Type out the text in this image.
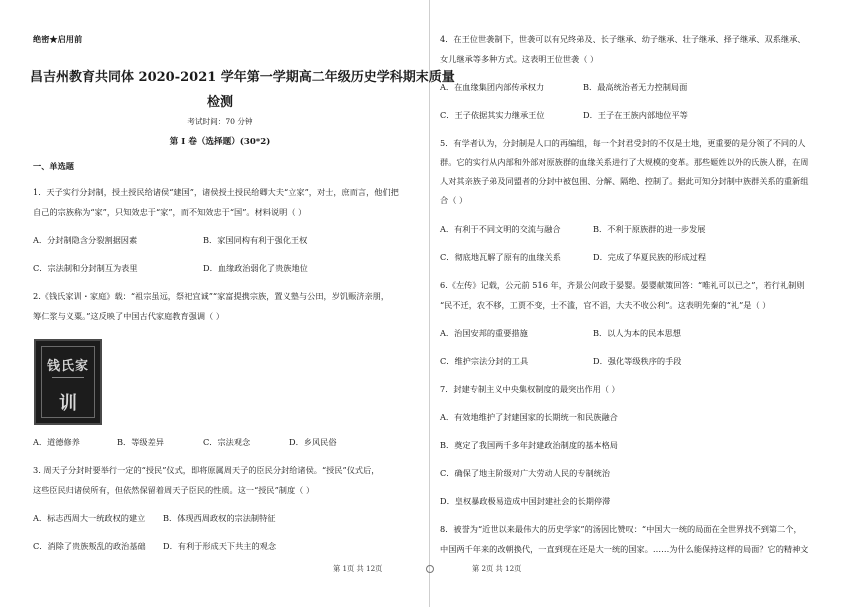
绝密★启用前
昌吉州教育共同体 2020-2021 学年第一学期高二年级历史学科期末质量
检测
考试时间：70 分钟
第 I 卷（选择题）(30*2)
一、单选题
1．天子实行分封制，授土授民给诸侯“建国”，诸侯授土授民给卿大夫“立家”，对士，庶而言，他们把
自己的宗族称为“家”，只知效忠于“家”，而不知效忠于“国”。材料说明（ ）
A．分封制隐含分裂割据因素	B．家国同构有利于强化王权
C．宗法制和分封制互为表里	D．血缘政治弱化了贵族地位
2.《钱氏家训・家庭》载：“祖宗虽远，祭祀宜诚”“家富提携宗族，置义塾与公田，岁饥赈济亲朋，
筹仁浆与义粟。”这反映了中国古代家庭教育强调（ ）
钱氏家
训
A．道德修养	B．等级差异	C．宗法观念	D．乡风民俗
3. 周天子分封时要举行一定的“授民”仪式，即将原属周天子的臣民分封给诸侯。“授民”仪式后，
这些臣民归诸侯所有，但依然保留着周天子臣民的性质。这一“授民”制度（ ）
A．标志西周大一统政权的建立 B．体现西周政权的宗法制特征
C．消除了贵族叛乱的政治基础 D．有利于形成天下共主的观念
第 1页 共 12页
4．在王位世袭制下，世袭可以有兄终弟及、长子继承、幼子继承、壮子继承、择子继承、双系继承、
女儿继承等多种方式。这表明王位世袭（ ）
A．在血缘集团内部传承权力	B．最高统治者无力控制局面
C．王子依据其实力继承王位	D．王子在王族内部地位平等
5．有学者认为，分封制是人口的再编组，每一个封君受封的不仅是土地，更重要的是分领了不同的人
群。它的实行从内部和外部对原族群的血缘关系进行了大规模的变革。那些姬姓以外的氏族人群，在周
人对其亲族子弟及同盟者的分封中被包围、分解、隔绝、控制了。据此可知分封制中族群关系的重新组
合（ ）
A．有利于不同文明的交流与融合	B．不利于原族群的进一步发展
C．彻底地瓦解了原有的血缘关系	D．完成了华夏民族的形成过程
6.《左传》记载，公元前 516 年，齐景公问政于晏婴。晏婴献策回答：“唯礼可以已之”，若行礼制则
“民不迁，农不移，工贾不变，士不滥，官不滔，大夫不收公利”。这表明先秦的“礼”是（ ）
A．治国安邦的重要措施	B．以人为本的民本思想
C．维护宗法分封的工具	D．强化等级秩序的手段
7．封建专制主义中央集权制度的最突出作用（ ）
A．有效地维护了封建国家的长期统一和民族融合
B．奠定了我国两千多年封建政治制度的基本格局
C．确保了地主阶级对广大劳动人民的专制统治
D．皇权暴政极易造成中国封建社会的长期停滞
8．被誉为“近世以来最伟大的历史学家”的汤因比赞叹：“中国大一统的局面在全世界找不到第二个，
中国两千年来的改朝换代，一直到现在还是大一统的国家。……为什么能保持这样的局面？它的精神文
第 2页 共 12页
